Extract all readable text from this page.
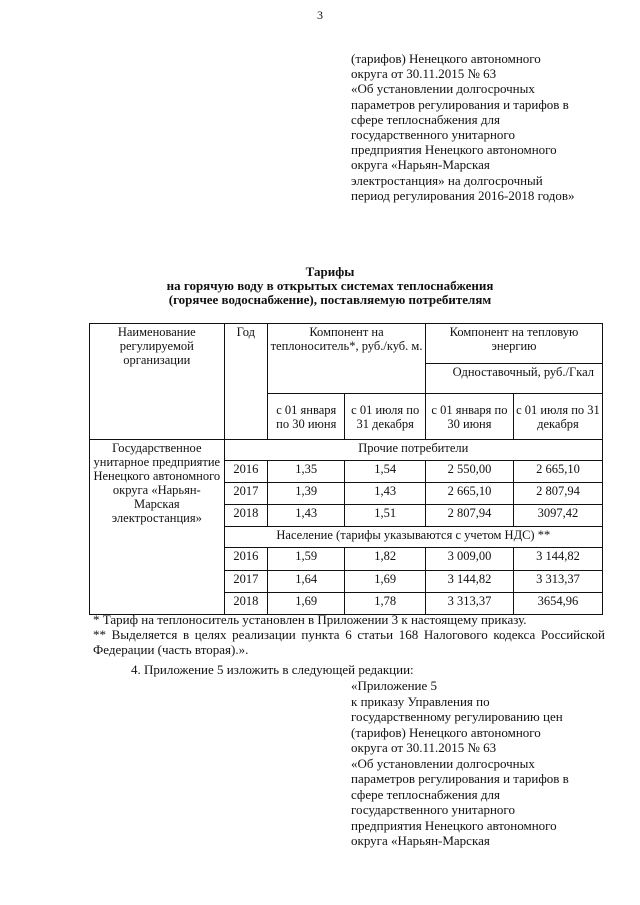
3
(тарифов) Ненецкого автономного
округа от 30.11.2015 № 63
«Об установлении долгосрочных
параметров регулирования и тарифов в
сфере теплоснабжения для
государственного унитарного
предприятия Ненецкого автономного
округа «Нарьян-Марская
электростанция» на долгосрочный
период регулирования 2016-2018 годов»
Тарифы
на горячую воду в открытых системах теплоснабжения
(горячее водоснабжение), поставляемую потребителям
Наименование регулируемой организации	Год	Компонент на теплоноситель*, руб./куб. м.		Компонент на тепловую энергию	
				Одноставочный, руб./Гкал	
		с 01 января по 30 июня	с 01 июля по 31 декабря	с 01 января по 30 июня	с 01 июля по 31 декабря
Государственное унитарное предприятие Ненецкого автономного округа «Нарьян-Марская электростанция»	Прочие потребители				
	2016	1,35	1,54	2 550,00	2 665,10
	2017	1,39	1,43	2 665,10	2 807,94
	2018	1,43	1,51	2 807,94	3097,42
	Население (тарифы указываются с учетом НДС) **				
	2016	1,59	1,82	3 009,00	3 144,82
	2017	1,64	1,69	3 144,82	3 313,37
	2018	1,69	1,78	3 313,37	3654,96
* Тариф на теплоноситель установлен в Приложении 3 к настоящему приказу.
** Выделяется в целях реализации пункта 6 статьи 168 Налогового кодекса Российской Федерации (часть вторая).».
4. Приложение 5 изложить в следующей редакции:
«Приложение 5
к приказу Управления по
государственному регулированию цен
(тарифов) Ненецкого автономного
округа от 30.11.2015 № 63
«Об установлении долгосрочных
параметров регулирования и тарифов в
сфере теплоснабжения для
государственного унитарного
предприятия Ненецкого автономного
округа «Нарьян-Марская
